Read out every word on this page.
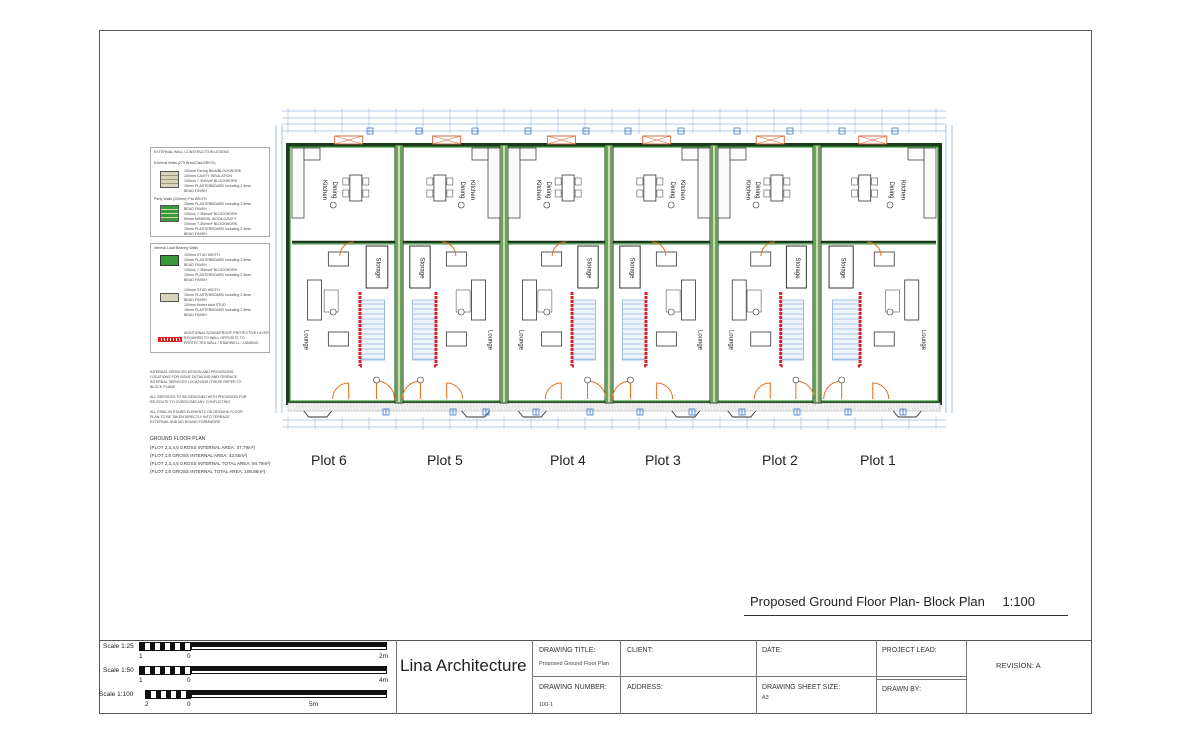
Kitchen Dining
Lounge
Storage
Kitchen
Dining
Lounge
Storage
Kitchen Dining
Lounge
Storage
Kitchen
Dining
Lounge
Storage
Kitchen Dining
Lounge
Storage
Kitchen
Dining
Lounge
Storage
EXTERNAL WALL CONSTRUCTION LEGEND
External Walls (275 Brick/Clad BRICK)
100mm Facing Brick/BLOCKWORK
100mm CAVITY INSULATION
100mm 7.3N/mm² BLOCKWORK
15mm PLASTERBOARD including 2.5mm
BEAD FINISH
Party Walls (200mm) Ptd WIDTH
15mm PLASTERBOARD including 2.5mm
BEAD FINISH
100mm 7.3N/mm² BLOCKWORK
50mm MINERAL WOOL CAVITY
100mm 7.3N/mm² BLOCKWORK
15mm PLASTERBOARD including 2.5mm
BEAD FINISH
Internal Load Bearing Walls
100mm STUD WIDTH
15mm PLASTERBOARD including 2.5mm
BEAD FINISH
100mm 7.3N/mm² BLOCKWORK
15mm PLASTERBOARD including 2.5mm
BEAD FINISH
100mm STUD WIDTH
15mm PLASTERBOARD including 2.5mm
BEAD FINISH
100mm timber stud STUD
15mm PLASTERBOARD including 2.5mm
BEAD FINISH
ADDITIONAL SOUNDPROOF PROTECTIVE LAYER
REQUIRED TO WALL OPPOSITE TO
PROTECTED WALL / STAIRWELL / LANDING
INTERNAL SERVICES DESIGN AND PROVISIONS
LOCATIONS FOR ISSUE DETAILING AND TERRACE
INTERNAL SERVICES LOCATIONS (THESE REFER TO
BLOCK PLANS

ALL SERVICES TO BE DESIGNED WITH PROVISION FOR
RE-ROUTE TO OVERCOME ANY CONFLICTING

ALL FINAL IN STAIRS ELEMENTS ON GROUND FLOOR
PLAN TO BE TAKEN DIRECTLY INTO TERRACE
EXTERNAL AND NO BOUND FORMWORK
GROUND FLOOR PLAN
(PLOT 2,3,4,5 GROSS INTERNAL AREA: 37.79m²)
(PLOT 1,6 GROSS INTERNAL AREA: 42.65m²)
(PLOT 2,3,4,5 GROSS INTERNAL TOTAL AREA: 94.79m²)
(PLOT 1,6 GROSS INTERNAL TOTAL AREA: 106.86m²)
Plot 6	Plot 5	Plot 4	Plot 3	Plot 2	Plot 1
Proposed Ground Floor Plan- Block Plan 1:100
Lina Architecture
DRAWING TITLE:
Proposed Ground Floor Plan
DRAWING NUMBER:
100-1
CLIENT:
ADDRESS:
DATE:
DRAWING SHEET SIZE:
A3
PROJECT LEAD:
DRAWN BY:
REVISION: A
Scale 1:25
1	0	2m
Scale 1:50
1	0	4m
Scale 1:100
2	0	5m
